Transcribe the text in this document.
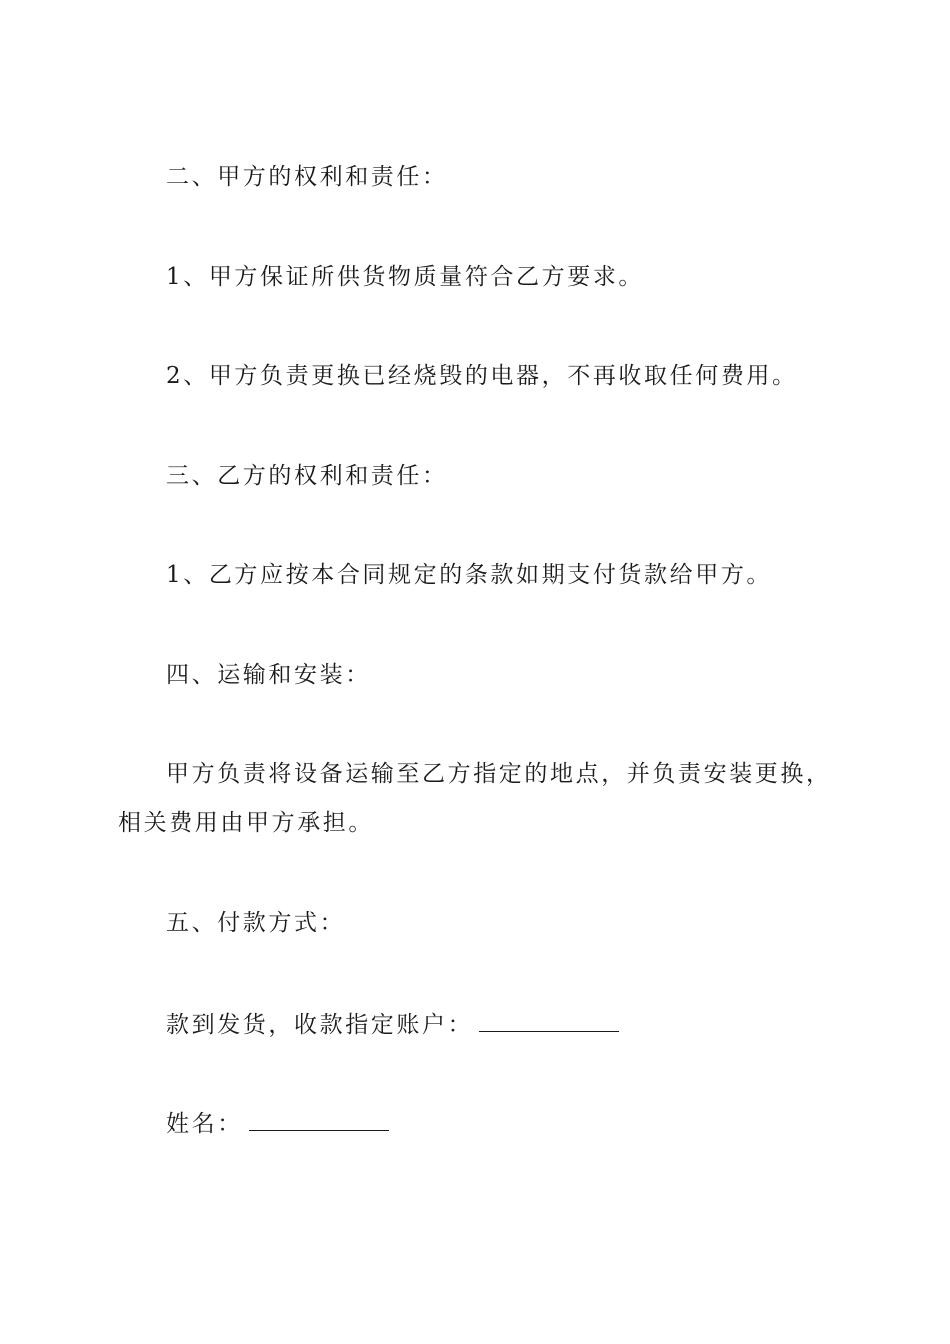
二、甲方的权利和责任：
1、甲方保证所供货物质量符合乙方要求。
2、甲方负责更换已经烧毁的电器，不再收取任何费用。
三、乙方的权利和责任：
1、乙方应按本合同规定的条款如期支付货款给甲方。
四、运输和安装：
甲方负责将设备运输至乙方指定的地点，并负责安装更换，相关费用由甲方承担。
五、付款方式：
款到发货，收款指定账户：
姓名：
